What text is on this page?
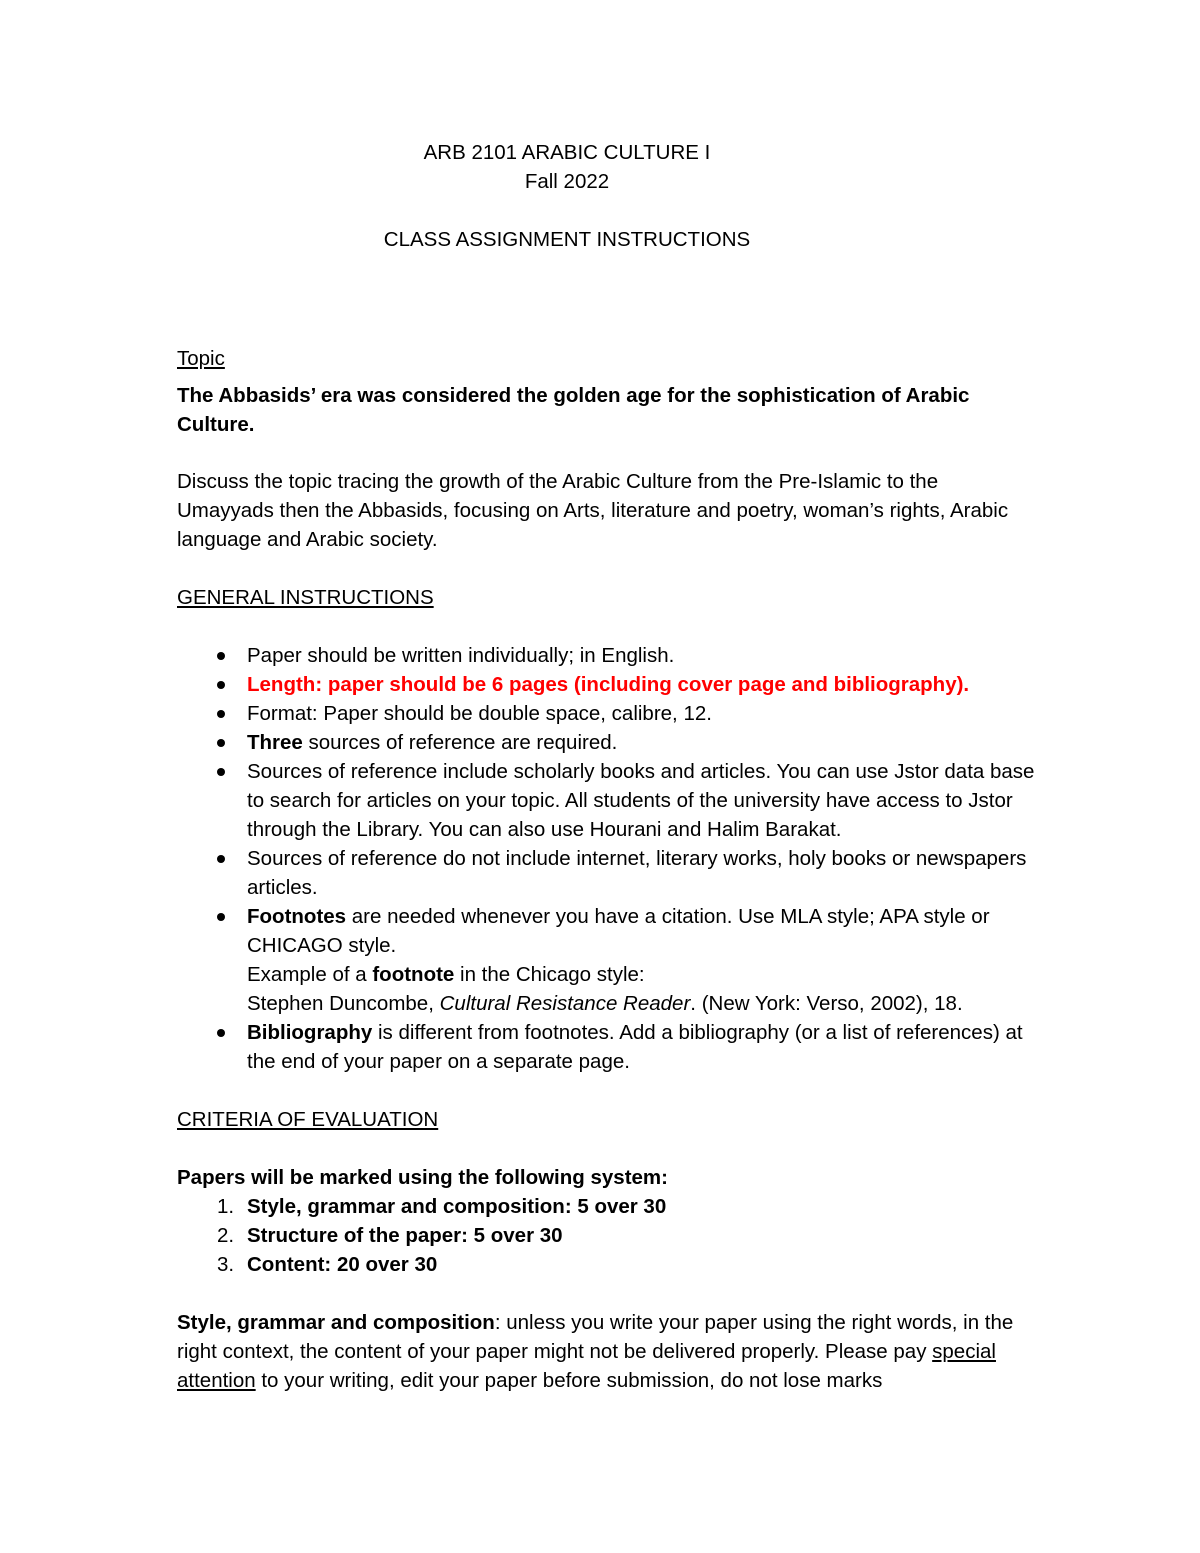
ARB 2101 ARABIC CULTURE I

Fall 2022

CLASS ASSIGNMENT INSTRUCTIONS

Topic

The Abbasids’ era was considered the golden age for the sophistication of Arabic Culture.

Discuss the topic tracing the growth of the Arabic Culture from the Pre-Islamic to the Umayyads then the Abbasids, focusing on Arts, literature and poetry, woman’s rights, Arabic language and Arabic society.

GENERAL INSTRUCTIONS

Paper should be written individually; in English.
Length: paper should be 6 pages (including cover page and bibliography).
Format: Paper should be double space, calibre, 12.
Three sources of reference are required.
Sources of reference include scholarly books and articles. You can use Jstor data base to search for articles on your topic. All students of the university have access to Jstor through the Library. You can also use Hourani and Halim Barakat.
Sources of reference do not include internet, literary works, holy books or newspapers articles.
Footnotes are needed whenever you have a citation. Use MLA style; APA style or CHICAGO style.
Example of a footnote in the Chicago style:
Stephen Duncombe, Cultural Resistance Reader. (New York: Verso, 2002), 18.
Bibliography is different from footnotes. Add a bibliography (or a list of references) at the end of your paper on a separate page.

CRITERIA OF EVALUATION

Papers will be marked using the following system:

1. Style, grammar and composition: 5 over 30
2. Structure of the paper: 5 over 30
3. Content: 20 over 30

Style, grammar and composition: unless you write your paper using the right words, in the right context, the content of your paper might not be delivered properly. Please pay special attention to your writing, edit your paper before submission, do not lose marks
